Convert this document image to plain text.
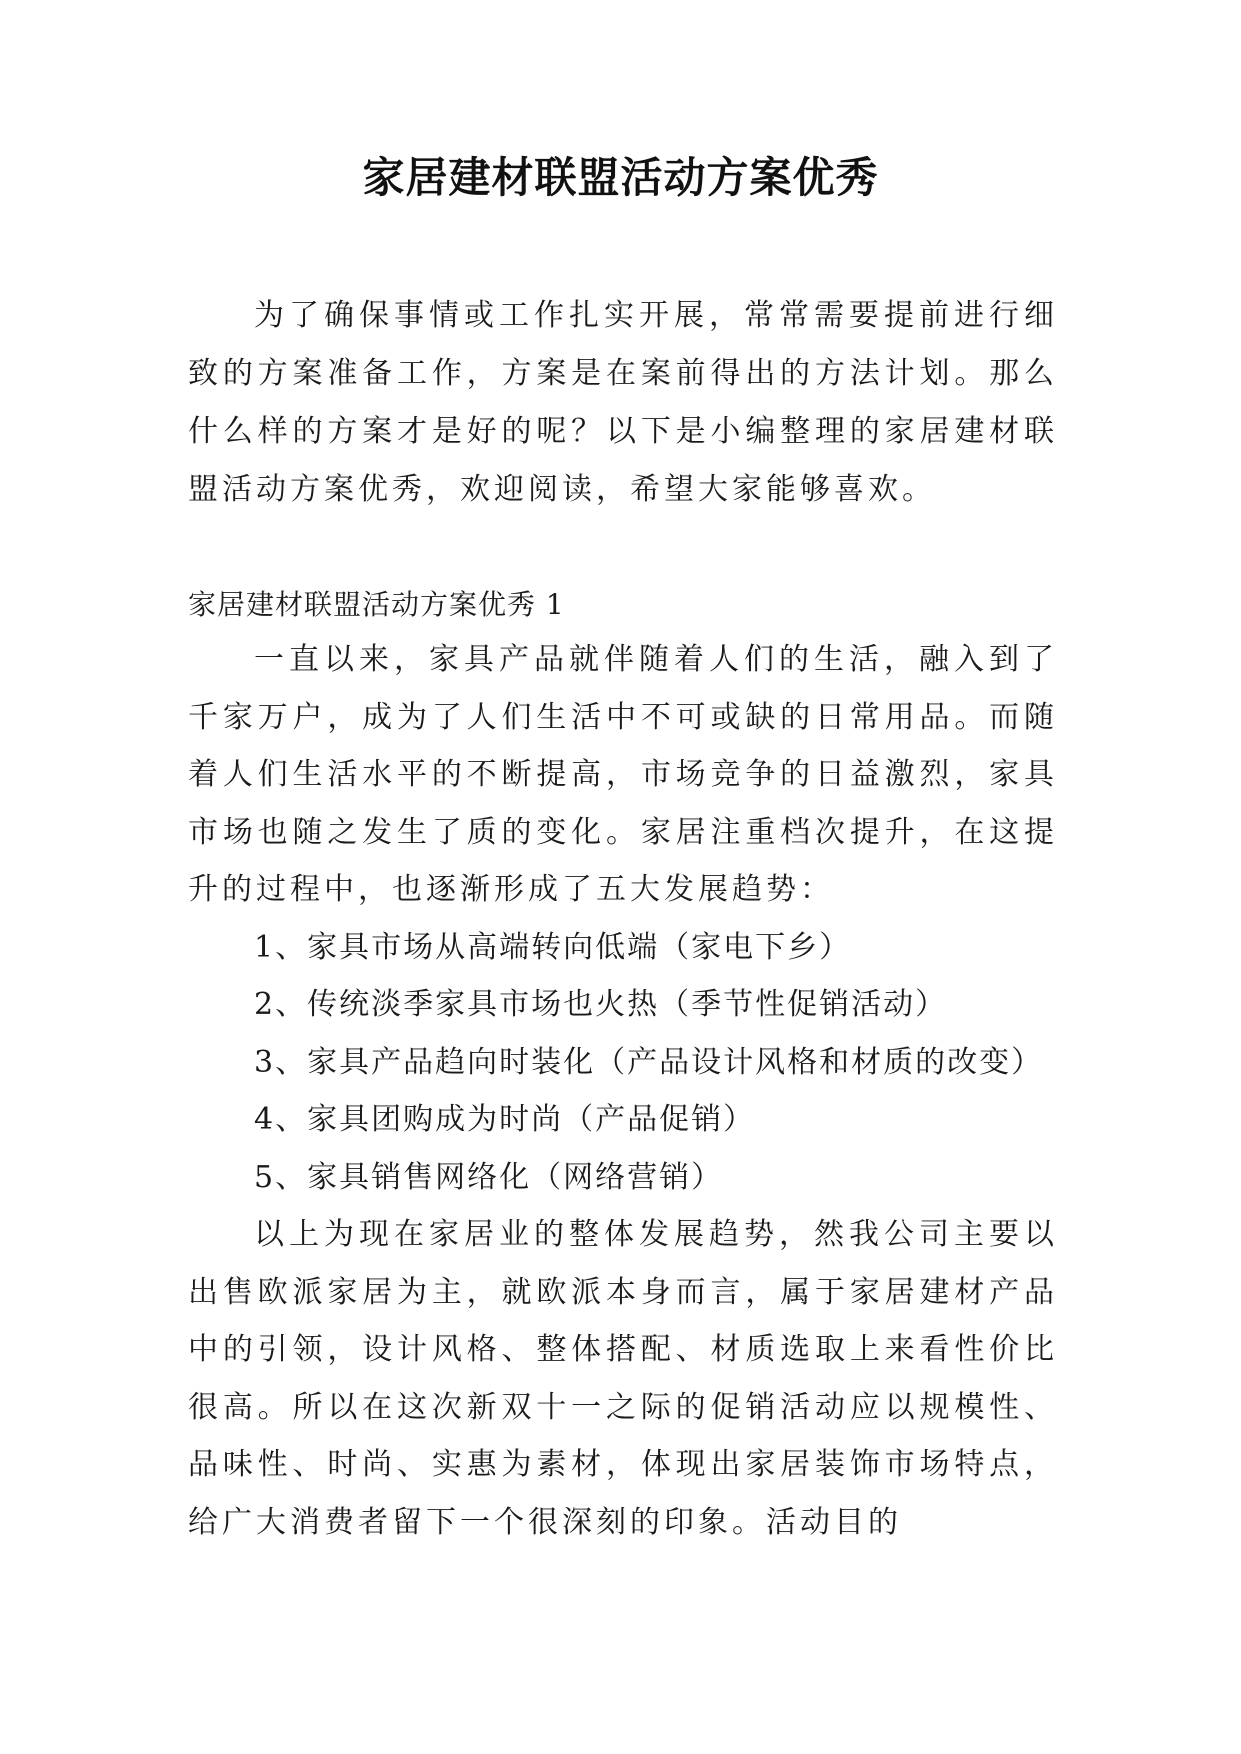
家居建材联盟活动方案优秀

为了确保事情或工作扎实开展，常常需要提前进行细致的方案准备工作，方案是在案前得出的方法计划。那么什么样的方案才是好的呢？以下是小编整理的家居建材联盟活动方案优秀，欢迎阅读，希望大家能够喜欢。

家居建材联盟活动方案优秀 1

一直以来，家具产品就伴随着人们的生活，融入到了千家万户，成为了人们生活中不可或缺的日常用品。而随着人们生活水平的不断提高，市场竞争的日益激烈，家具市场也随之发生了质的变化。家居注重档次提升，在这提升的过程中，也逐渐形成了五大发展趋势：

1、家具市场从高端转向低端（家电下乡）

2、传统淡季家具市场也火热（季节性促销活动）

3、家具产品趋向时装化（产品设计风格和材质的改变）

4、家具团购成为时尚（产品促销）

5、家具销售网络化（网络营销）

以上为现在家居业的整体发展趋势，然我公司主要以出售欧派家居为主，就欧派本身而言，属于家居建材产品中的引领，设计风格、整体搭配、材质选取上来看性价比很高。所以在这次新双十一之际的促销活动应以规模性、品味性、时尚、实惠为素材，体现出家居装饰市场特点，给广大消费者留下一个很深刻的印象。活动目的
